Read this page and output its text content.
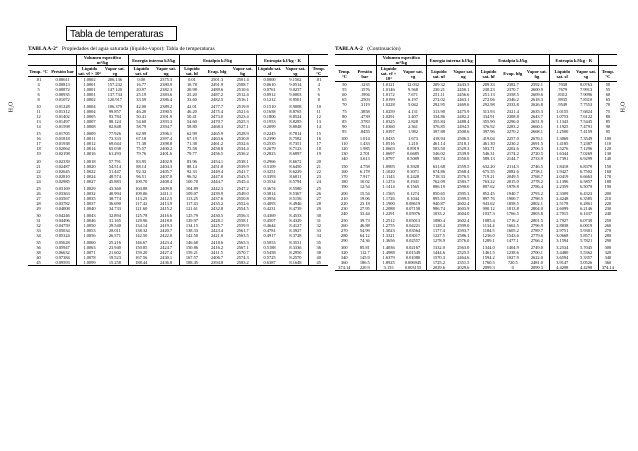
Tabla de temperaturas
TABLA A-2ª Propiedades del agua saturada (líquido-vapor): Tabla de temperaturas
H₂O
		Volumen específico m³/kg		Energía interna kJ/kg		Entalpía kJ/kg			Entropía kJ/kg · K		
Temp. °C	Presión bar	Líquido sat. vf × 10³	Vapor sat. vg	Líquido sat. uf	Vapor sat. ug	Líquido sat. hf	Evap. hfg	Vapor sat. hg	Líquido sat. sf	Vapor sat. sg	Temp. °C
.01	0.00611	1.0002	206.136	0.00	2375.3	0.01	2501.3	2501.4	0.0000	9.1562	.01
4	0.00813	1.0001	157.232	16.77	2380.9	16.78	2491.9	2508.7	0.0610	9.0514	4
5	0.00872	1.0001	147.120	20.97	2382.3	20.98	2489.6	2510.6	0.0761	9.0257	5
6	0.00935	1.0001	137.734	25.19	2383.6	25.20	2487.2	2512.4	0.0912	9.0003	6
8	0.01072	1.0002	120.917	33.59	2386.4	33.60	2482.5	2516.1	0.1212	8.9501	8
10	0.01228	1.0004	106.379	42.00	2389.2	42.01	2477.7	2519.8	0.1510	8.9008	10
11	0.01312	1.0004	99.857	46.20	2390.5	46.20	2475.4	2521.6	0.1658	8.8765	11
12	0.01402	1.0005	93.784	50.41	2391.9	50.41	2473.0	2523.4	0.1806	8.8524	12
13	0.01497	1.0007	88.124	54.60	2393.3	54.60	2470.7	2525.3	0.1953	8.8285	13
14	0.01598	1.0008	82.848	58.79	2394.7	58.80	2468.3	2527.1	0.2099	8.8048	14
15	0.01705	1.0009	77.926	62.99	2396.1	62.99	2465.9	2528.9	0.2245	8.7814	15
16	0.01818	1.0011	73.333	67.18	2397.4	67.19	2463.6	2530.8	0.2390	8.7582	16
17	0.01938	1.0012	69.044	71.38	2398.8	71.38	2461.2	2532.6	0.2535	8.7351	17
18	0.02064	1.0014	65.038	75.57	2400.2	75.58	2458.8	2534.4	0.2679	8.7123	18
19	0.02198	1.0016	61.293	79.76	2401.6	79.77	2456.5	2536.2	0.2823	8.6897	19
20	0.02339	1.0018	57.791	83.95	2402.9	83.96	2454.1	2538.1	0.2966	8.6672	20
21	0.02487	1.0020	54.514	88.14	2404.3	88.14	2451.8	2539.9	0.3109	8.6450	21
22	0.02645	1.0022	51.447	92.32	2405.7	92.33	2449.4	2541.7	0.3251	8.6229	22
23	0.02810	1.0024	48.574	96.51	2407.0	96.52	2447.0	2543.5	0.3393	8.6011	23
24	0.02985	1.0027	45.883	100.70	2408.4	100.70	2444.7	2545.4	0.3534	8.5794	24
25	0.03169	1.0029	43.360	104.88	2409.8	104.89	2442.3	2547.2	0.3674	8.5580	25
26	0.03363	1.0032	40.994	109.06	2411.1	109.07	2439.9	2549.0	0.3814	8.5367	26
27	0.03567	1.0035	38.774	113.25	2412.5	113.25	2437.6	2550.8	0.3954	8.5156	27
28	0.03782	1.0037	36.690	117.42	2413.9	117.43	2435.2	2552.6	0.4093	8.4946	28
29	0.04008	1.0040	34.733	121.60	2415.2	121.61	2432.8	2554.5	0.4231	8.4739	29
30	0.04246	1.0043	32.894	125.78	2416.6	125.79	2430.5	2556.3	0.4369	8.4533	30
31	0.04496	1.0046	31.165	129.96	2418.0	129.97	2428.1	2558.1	0.4507	8.4329	31
32	0.04759	1.0050	29.540	134.14	2419.3	134.15	2425.7	2559.9	0.4644	8.4127	32
33	0.05034	1.0053	28.011	138.32	2420.7	138.33	2423.4	2561.7	0.4781	8.3927	33
34	0.05324	1.0056	26.571	142.50	2422.0	142.50	2421.0	2563.5	0.4917	8.3728	34
35	0.05628	1.0060	25.216	146.67	2423.4	146.68	2418.6	2565.3	0.5053	8.3531	35
36	0.05947	1.0063	23.940	150.85	2424.7	150.86	2416.2	2567.1	0.5188	8.3336	36
38	0.06632	1.0071	21.602	159.20	2427.4	159.21	2411.5	2570.7	0.5458	8.2950	38
40	0.07384	1.0078	19.523	167.56	2430.1	167.57	2406.7	2574.3	0.5725	8.2570	40
45	0.09593	1.0099	15.258	188.44	2436.8	188.45	2394.8	2583.2	0.6387	8.1648	45
TABLA A-2 (Continuación)
H₂O
		Volumen específico m³/kg		Energía interna kJ/kg		Entalpía kJ/kg			Entropía kJ/kg · K		
Temp. °C	Presión bar	Líquido sat. vf × 10³	Vapor sat. vg	Líquido sat. uf	Vapor sat. ug	Líquido sat. hf	Evap. hfg	Vapor sat. hg	Líquido sat. sf	Vapor sat. sg	Temp. °C
50	.1235	1.0121	12.032	209.32	2443.5	209.33	2382.7	2592.1	.7038	8.0763	50
55	.1576	1.0146	9.568	230.21	2450.1	230.23	2370.7	2600.9	.7679	7.9913	55
60	.1994	1.0172	7.671	251.11	2456.6	251.13	2358.5	2609.6	.8312	7.9096	60
65	.2503	1.0199	6.197	272.02	2463.1	272.06	2346.2	2618.3	.8935	7.8310	65
70	.3119	1.0228	5.042	292.95	2469.6	292.98	2333.8	2626.8	.9549	7.7553	70
75	.3858	1.0259	4.131	313.90	2475.9	313.93	2321.4	2635.3	1.0155	7.6824	75
80	.4739	1.0291	3.407	334.86	2482.2	334.91	2308.8	2643.7	1.0753	7.6122	80
85	.5783	1.0325	2.828	355.84	2488.4	355.90	2296.0	2651.9	1.1343	7.5445	85
90	.7014	1.0360	2.361	376.85	2494.5	376.92	2283.2	2660.1	1.1925	7.4791	90
95	.8455	1.0397	1.982	397.88	2500.6	397.96	2270.2	2668.1	1.2500	7.4159	95
100	1.014	1.0435	1.673	418.94	2506.5	419.04	2257.0	2676.1	1.3069	7.3549	100
110	1.433	1.0516	1.210	461.14	2518.1	461.30	2230.2	2691.5	1.4185	7.2387	110
120	1.985	1.0603	0.8919	503.50	2529.3	503.71	2202.6	2706.3	1.5276	7.1296	120
130	2.701	1.0697	0.6685	546.02	2539.9	546.31	2174.2	2720.5	1.6344	7.0269	130
140	3.613	1.0797	0.5089	588.74	2550.0	589.13	2144.7	2733.9	1.7391	6.9299	140
150	4.758	1.0905	0.3928	631.68	2559.5	632.20	2114.3	2746.5	1.8418	6.8379	150
160	6.178	1.1020	0.3071	674.86	2568.4	675.55	2082.6	2758.1	1.9427	6.7502	160
170	7.917	1.1143	0.2428	718.33	2576.5	719.21	2049.5	2768.7	2.0419	6.6663	170
180	10.02	1.1274	0.1941	762.09	2583.7	763.22	2015.0	2778.2	2.1396	6.5857	180
190	12.54	1.1414	0.1565	806.19	2590.0	807.62	1978.8	2786.4	2.2359	6.5079	190
200	15.54	1.1565	0.1274	850.65	2595.3	852.45	1940.7	2793.2	2.3309	6.4323	200
210	19.06	1.1726	0.1044	895.53	2599.5	897.76	1900.7	2798.5	2.4248	6.3585	210
220	23.18	1.1900	0.08619	940.87	2602.4	943.62	1858.5	2802.1	2.5178	6.2861	220
230	27.95	1.2088	0.07158	986.74	2603.9	990.12	1813.8	2804.0	2.6099	6.2146	230
240	33.44	1.2291	0.05976	1033.2	2604.0	1037.3	1766.5	2803.8	2.7015	6.1437	240
250	39.73	1.2512	0.05013	1080.4	2602.4	1085.4	1716.2	2801.5	2.7927	6.0730	250
260	46.88	1.2755	0.04221	1128.4	2599.0	1134.4	1662.5	2796.9	2.8838	6.0019	260
270	54.99	1.3023	0.03564	1177.4	2593.7	1184.5	1605.2	2789.7	2.9751	5.9301	270
280	64.12	1.3321	0.03017	1227.5	2586.1	1236.0	1543.6	2779.6	3.0668	5.8571	280
290	74.36	1.3656	0.02557	1278.9	2576.0	1289.1	1477.1	2766.2	3.1594	5.7821	290
300	85.81	1.4036	0.02167	1332.0	2563.0	1344.0	1404.9	2749.0	3.2534	5.7045	300
320	112.7	1.4988	0.01549	1444.6	2525.5	1461.5	1238.6	2700.1	3.4480	5.5362	320
340	145.9	1.6379	0.01080	1570.3	2464.6	1594.2	1027.9	2622.0	3.6594	5.3357	340
360	186.5	1.8925	0.006945	1725.2	2351.5	1760.5	720.5	2481.0	3.9147	5.0526	360
374.14	220.9	3.155	0.003155	2029.6	2029.6	2099.3	0	2099.3	4.4298	4.4298	374.14
